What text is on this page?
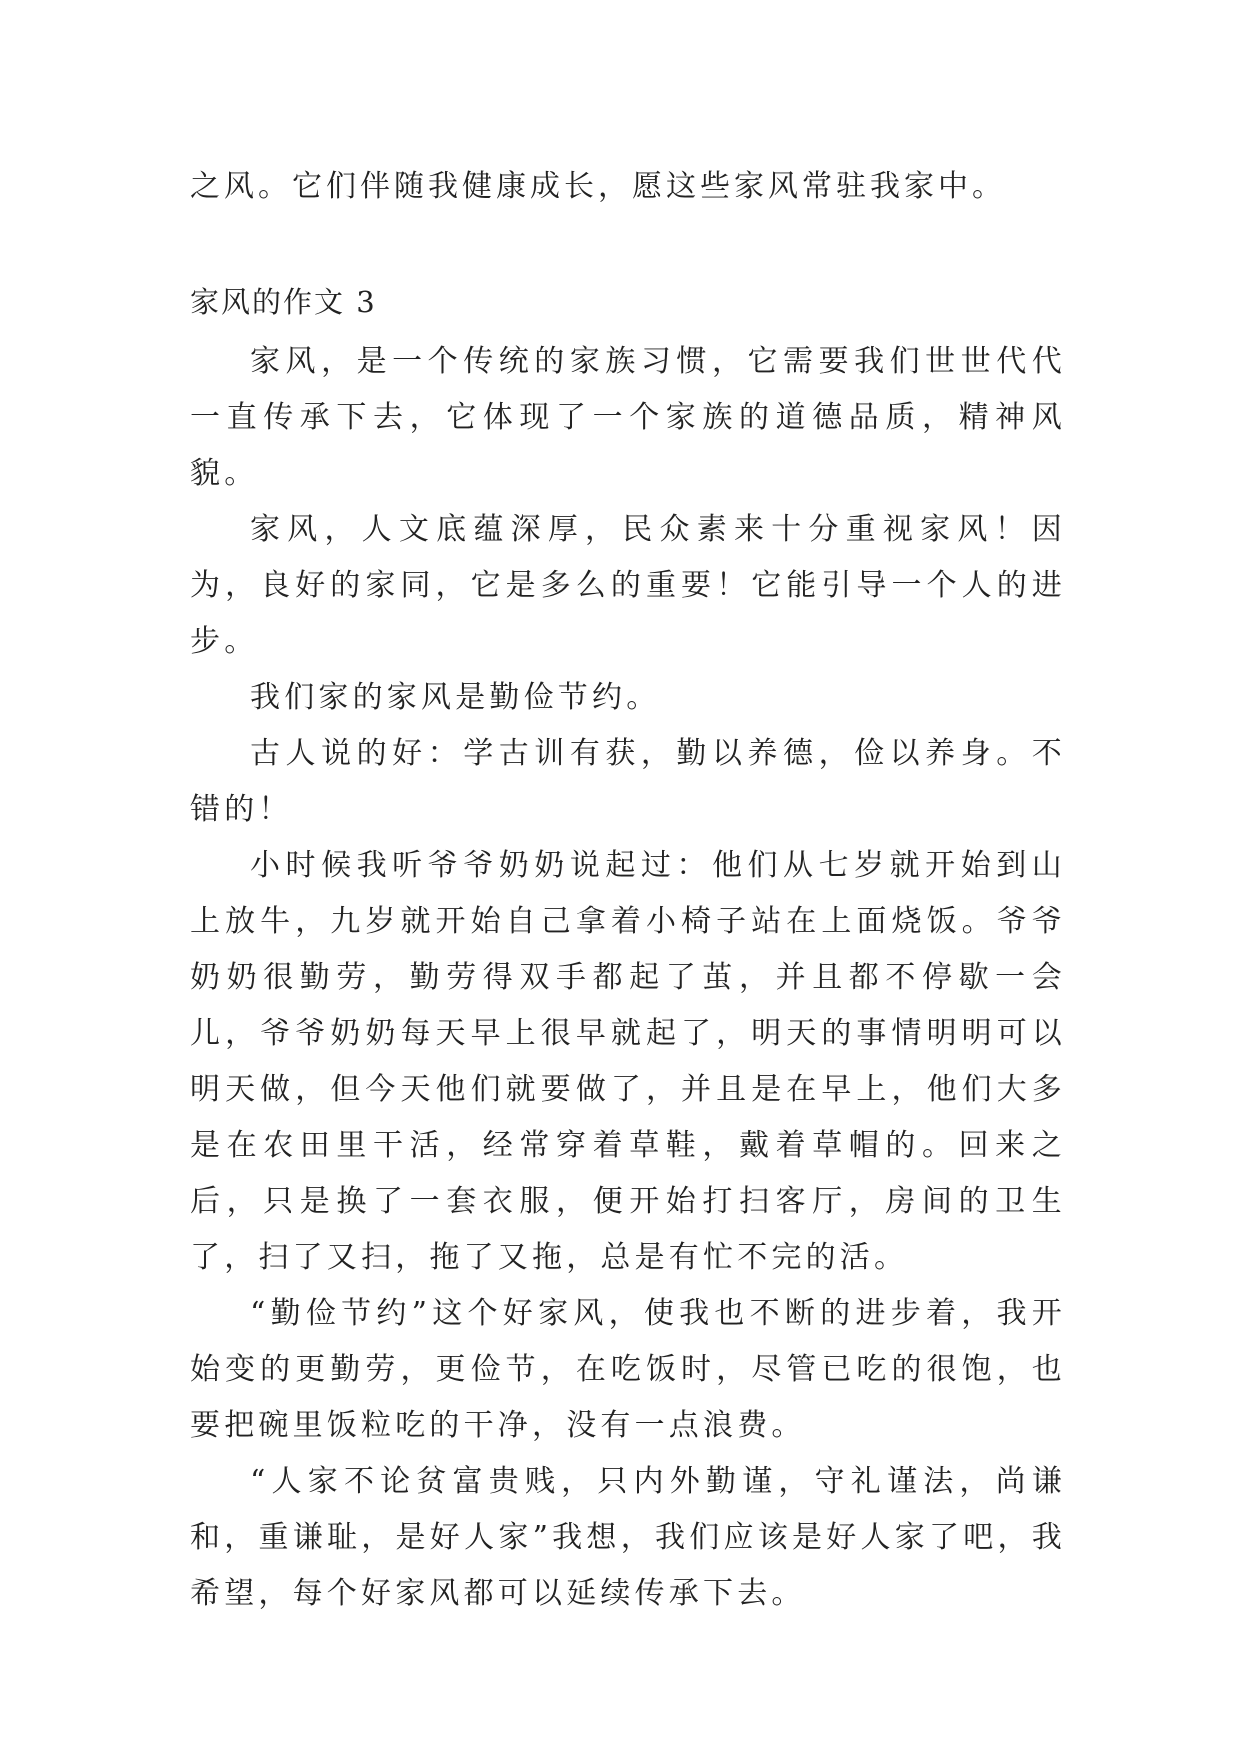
之风。它们伴随我健康成长，愿这些家风常驻我家中。
家风的作文 3

家风，是一个传统的家族习惯，它需要我们世世代代一直传承下去，它体现了一个家族的道德品质，精神风貌。

家风，人文底蕴深厚，民众素来十分重视家风！因为，良好的家同，它是多么的重要！它能引导一个人的进步。

我们家的家风是勤俭节约。

古人说的好：学古训有获，勤以养德，俭以养身。不错的！

小时候我听爷爷奶奶说起过：他们从七岁就开始到山上放牛，九岁就开始自己拿着小椅子站在上面烧饭。爷爷奶奶很勤劳，勤劳得双手都起了茧，并且都不停歇一会儿，爷爷奶奶每天早上很早就起了，明天的事情明明可以明天做，但今天他们就要做了，并且是在早上，他们大多是在农田里干活，经常穿着草鞋，戴着草帽的。回来之后，只是换了一套衣服，便开始打扫客厅，房间的卫生了，扫了又扫，拖了又拖，总是有忙不完的活。

“勤俭节约”这个好家风，使我也不断的进步着，我开始变的更勤劳，更俭节，在吃饭时，尽管已吃的很饱，也要把碗里饭粒吃的干净，没有一点浪费。

“人家不论贫富贵贱，只内外勤谨，守礼谨法，尚谦和，重谦耻，是好人家”我想，我们应该是好人家了吧，我希望，每个好家风都可以延续传承下去。
